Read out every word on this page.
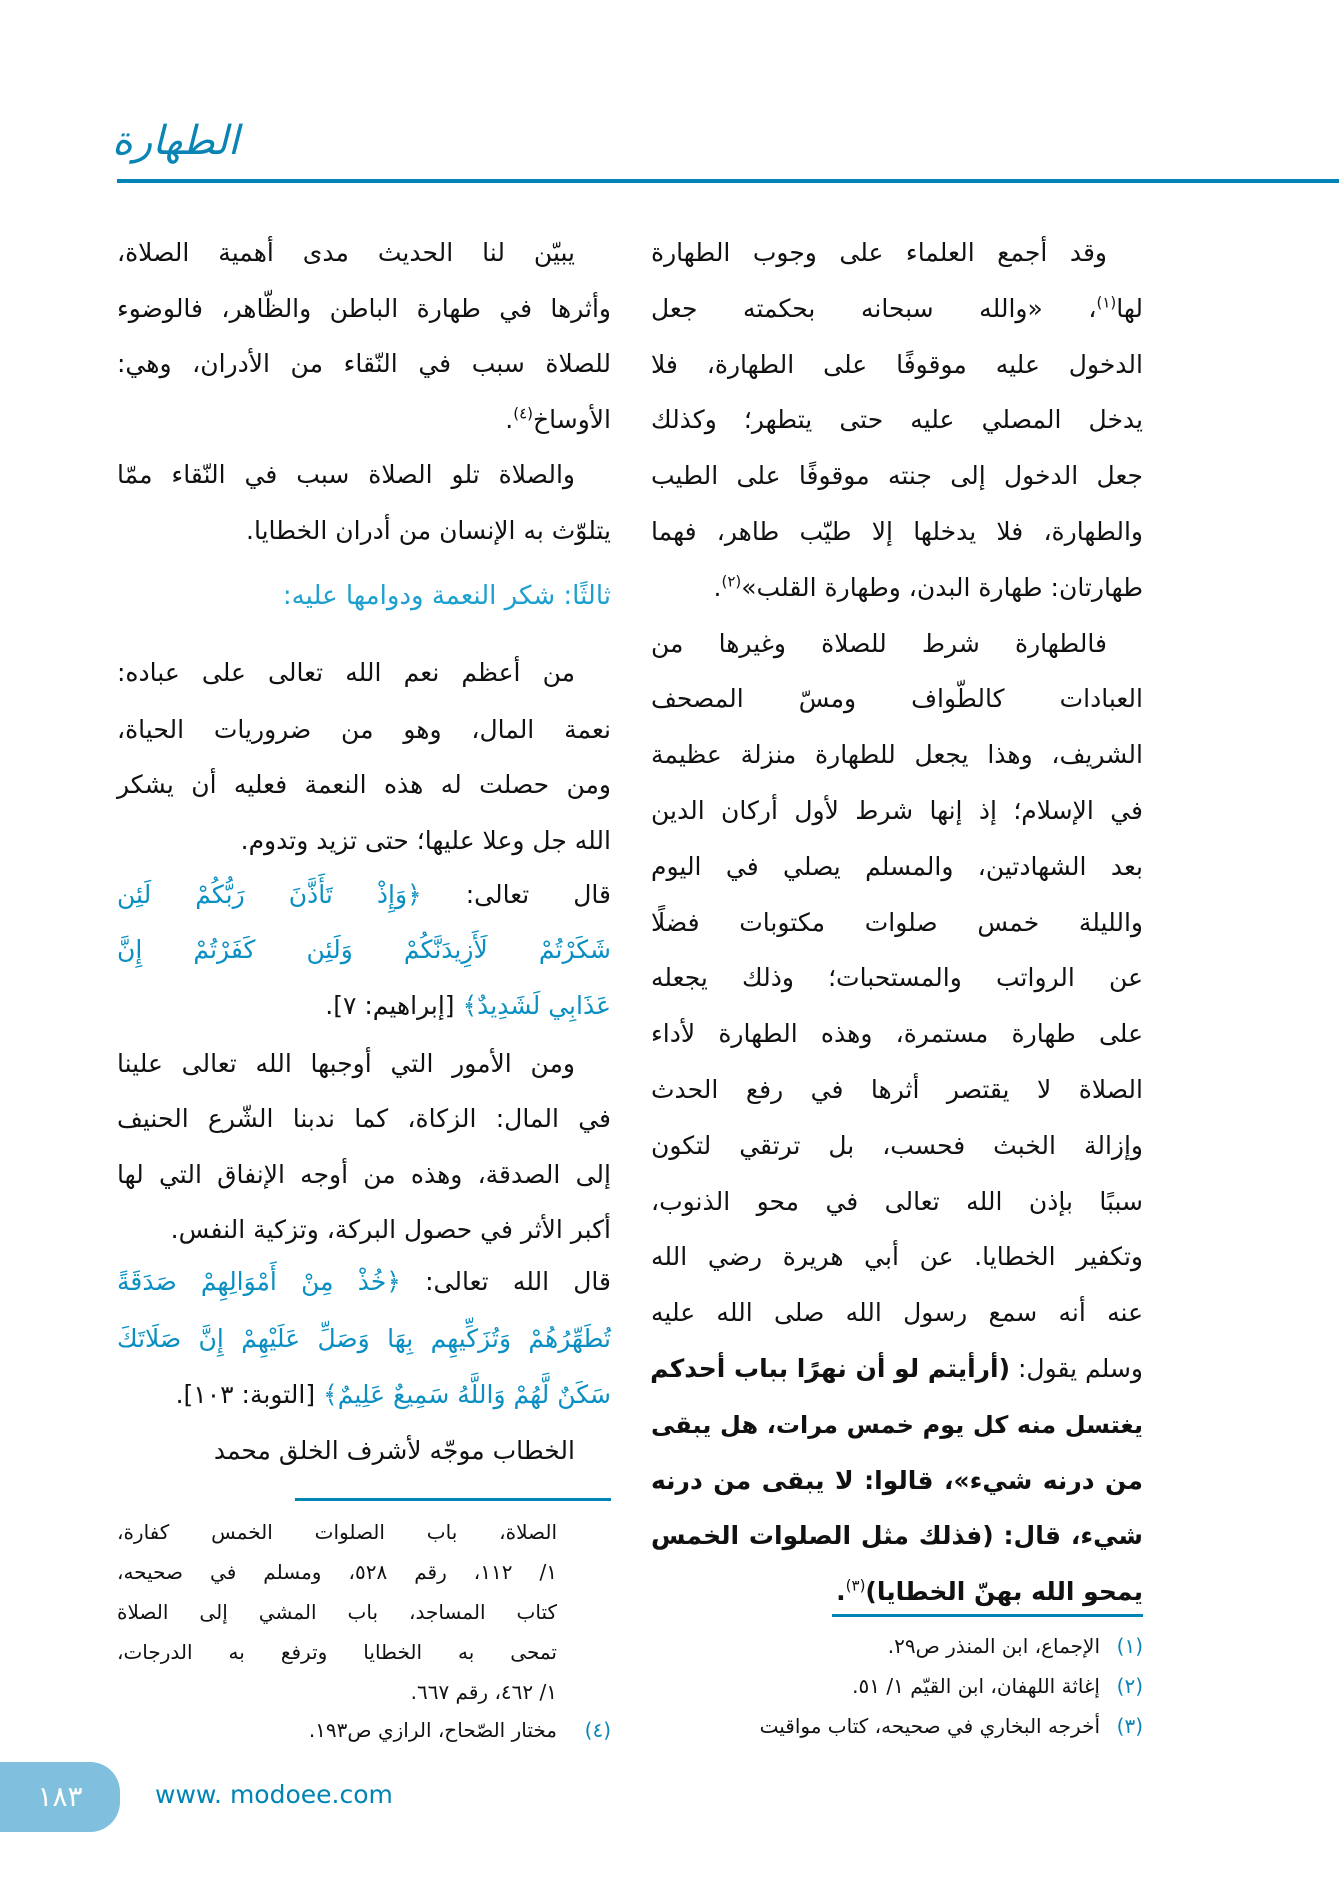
الطهارة
وقد أجمع العلماء على وجوب الطهارة
لها$^{(١)}$، «والله سبحانه بحكمته جعل
الدخول عليه موقوفًا على الطهارة، فلا
يدخل المصلي عليه حتى يتطهر؛ وكذلك
جعل الدخول إلى جنته موقوفًا على الطيب
والطهارة، فلا يدخلها إلا طيّب طاهر، فهما
طهارتان: طهارة البدن، وطهارة القلب»$^{(٢)}$.
فالطهارة شرط للصلاة وغيرها من
العبادات كالطّواف ومسّ المصحف
الشريف، وهذا يجعل للطهارة منزلة عظيمة
في الإسلام؛ إذ إنها شرط لأول أركان الدين
بعد الشهادتين، والمسلم يصلي في اليوم
والليلة خمس صلوات مكتوبات فضلًا
عن الرواتب والمستحبات؛ وذلك يجعله
على طهارة مستمرة، وهذه الطهارة لأداء
الصلاة لا يقتصر أثرها في رفع الحدث
وإزالة الخبث فحسب، بل ترتقي لتكون
سببًا بإذن الله تعالى في محو الذنوب،
وتكفير الخطايا. عن أبي هريرة رضي الله
عنه أنه سمع رسول الله صلى الله عليه
وسلم يقول: (أرأيتم لو أن نهرًا بباب أحدكم
يغتسل منه كل يوم خمس مرات، هل يبقى
من درنه شيء»، قالوا: لا يبقى من درنه
شيء، قال: (فذلك مثل الصلوات الخمس
يمحو الله بهنّ الخطايا)$^{(٣)}$.
يبيّن لنا الحديث مدى أهمية الصلاة،
وأثرها في طهارة الباطن والظّاهر، فالوضوء
للصلاة سبب في النّقاء من الأدران، وهي:
الأوساخ$^{(٤)}$.
والصلاة تلو الصلاة سبب في النّقاء ممّا
يتلوّث به الإنسان من أدران الخطايا.
ثالثًا: شكر النعمة ودوامها عليه:
من أعظم نعم الله تعالى على عباده:
نعمة المال، وهو من ضروريات الحياة،
ومن حصلت له هذه النعمة فعليه أن يشكر
الله جل وعلا عليها؛ حتى تزيد وتدوم.
قال تعالى: ﴿وَإِذْ تَأَذَّنَ رَبُّكُمْ لَئِن
شَكَرْتُمْ لَأَزِيدَنَّكُمْ وَلَئِن كَفَرْتُمْ إِنَّ
عَذَابِي لَشَدِيدٌ﴾ [إبراهيم: ٧].
ومن الأمور التي أوجبها الله تعالى علينا
في المال: الزكاة، كما ندبنا الشّرع الحنيف
إلى الصدقة، وهذه من أوجه الإنفاق التي لها
أكبر الأثر في حصول البركة، وتزكية النفس.
قال الله تعالى: ﴿خُذْ مِنْ أَمْوَالِهِمْ صَدَقَةً
تُطَهِّرُهُمْ وَتُزَكِّيهِم بِهَا وَصَلِّ عَلَيْهِمْ إِنَّ صَلَاتَكَ
سَكَنٌ لَّهُمْ وَاللَّهُ سَمِيعٌ عَلِيمٌ﴾ [التوبة: ١٠٣].
الخطاب موجّه لأشرف الخلق محمد
(١)
الإجماع، ابن المنذر ص٢٩.
(٢)
إغاثة اللهفان، ابن القيّم ١/ ٥١.
(٣)
أخرجه البخاري في صحيحه، كتاب مواقيت
الصلاة، باب الصلوات الخمس كفارة،
١/ ١١٢، رقم ٥٢٨، ومسلم في صحيحه،
كتاب المساجد، باب المشي إلى الصلاة
تمحى به الخطايا وترفع به الدرجات،
١/ ٤٦٢، رقم ٦٦٧.
(٤)
مختار الصّحاح، الرازي ص١٩٣.
١٨٣	www. modoee.com
